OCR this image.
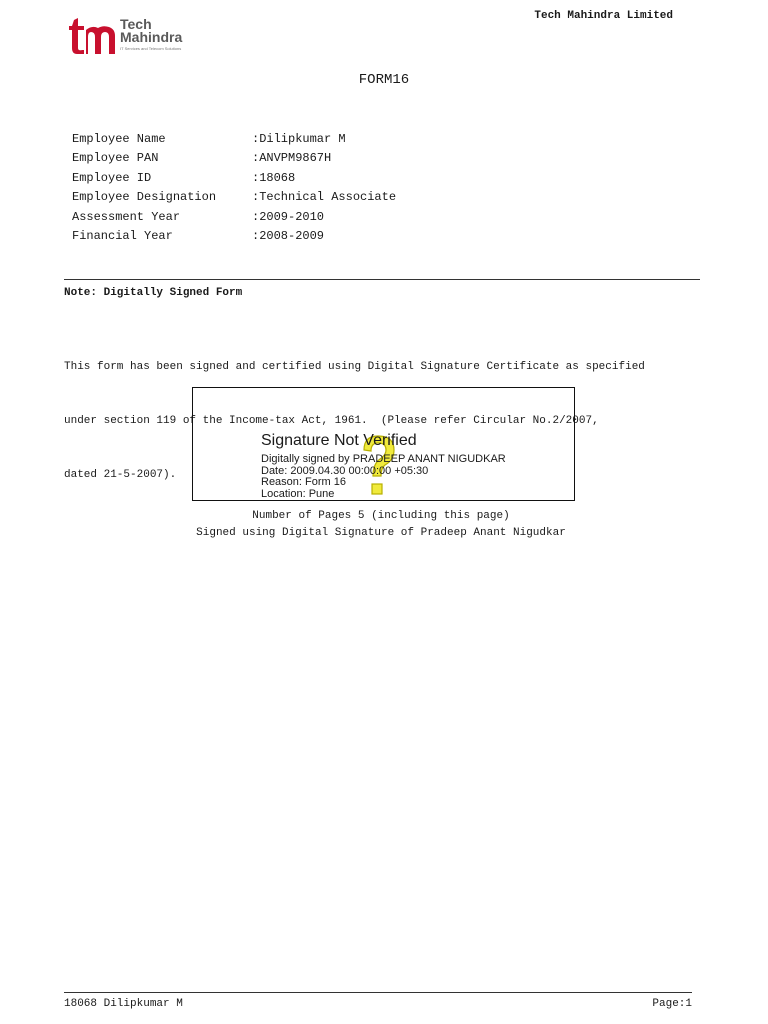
Tech
Mahindra
IT Services and Telecom Solutions
Tech Mahindra Limited
FORM16
Employee Name	:Dilipkumar M
Employee PAN	:ANVPM9867H
Employee ID	:18068
Employee Designation	:Technical Associate
Assessment Year	:2009-2010
Financial Year	:2008-2009
Note: Digitally Signed Form

This form has been signed and certified using Digital Signature Certificate as specified

under section 119 of the Income-tax Act, 1961.  (Please refer Circular No.2/2007,

dated 21-5-2007).

Signature Not Verified
Digitally signed by PRADEEP ANANT NIGUDKAR
Date: 2009.04.30 00:00:00 +05:30
Reason: Form 16
Location: Pune
Number of Pages 5 (including this page)
Signed using Digital Signature of Pradeep Anant Nigudkar
18068 Dilipkumar M	Page:1
